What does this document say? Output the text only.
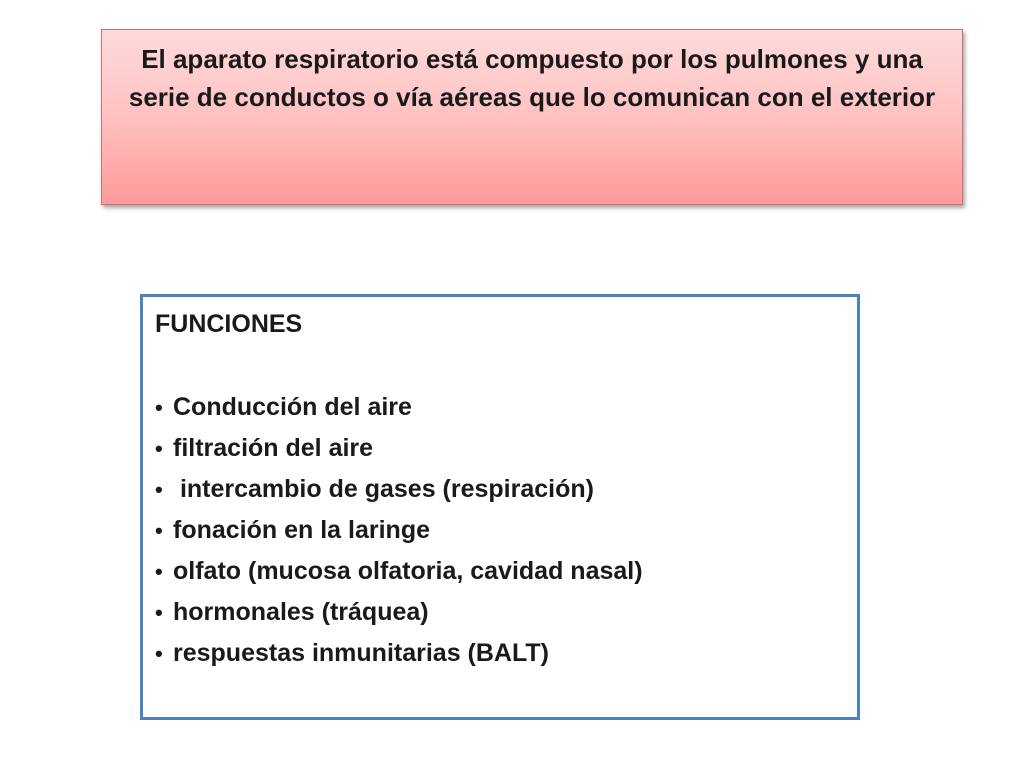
El aparato respiratorio está compuesto por los pulmones y una serie de conductos o vía aéreas que lo comunican con el exterior

FUNCIONES

• Conducción del aire
• filtración del aire
• intercambio de gases (respiración)
• fonación en la laringe
• olfato (mucosa olfatoria, cavidad nasal)
• hormonales (tráquea)
• respuestas inmunitarias (BALT)
